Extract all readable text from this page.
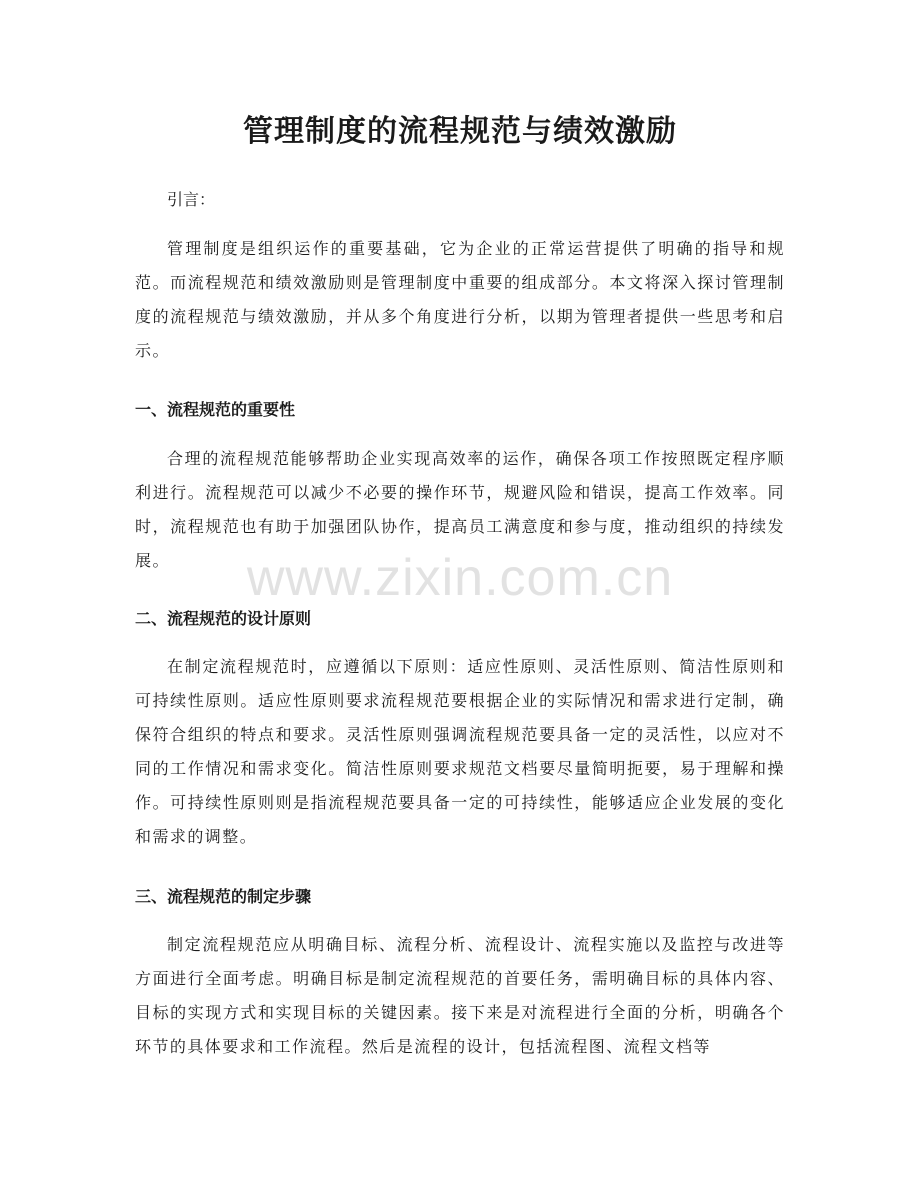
管理制度的流程规范与绩效激励

引言：

管理制度是组织运作的重要基础，它为企业的正常运营提供了明确的指导和规范。而流程规范和绩效激励则是管理制度中重要的组成部分。本文将深入探讨管理制度的流程规范与绩效激励，并从多个角度进行分析，以期为管理者提供一些思考和启示。

一、流程规范的重要性

合理的流程规范能够帮助企业实现高效率的运作，确保各项工作按照既定程序顺利进行。流程规范可以减少不必要的操作环节，规避风险和错误，提高工作效率。同时，流程规范也有助于加强团队协作，提高员工满意度和参与度，推动组织的持续发展。

二、流程规范的设计原则

在制定流程规范时，应遵循以下原则：适应性原则、灵活性原则、简洁性原则和可持续性原则。适应性原则要求流程规范要根据企业的实际情况和需求进行定制，确保符合组织的特点和要求。灵活性原则强调流程规范要具备一定的灵活性，以应对不同的工作情况和需求变化。简洁性原则要求规范文档要尽量简明扼要，易于理解和操作。可持续性原则则是指流程规范要具备一定的可持续性，能够适应企业发展的变化和需求的调整。

三、流程规范的制定步骤

制定流程规范应从明确目标、流程分析、流程设计、流程实施以及监控与改进等方面进行全面考虑。明确目标是制定流程规范的首要任务，需明确目标的具体内容、目标的实现方式和实现目标的关键因素。接下来是对流程进行全面的分析，明确各个环节的具体要求和工作流程。然后是流程的设计，包括流程图、流程文档等

www.zixin.com.cn
